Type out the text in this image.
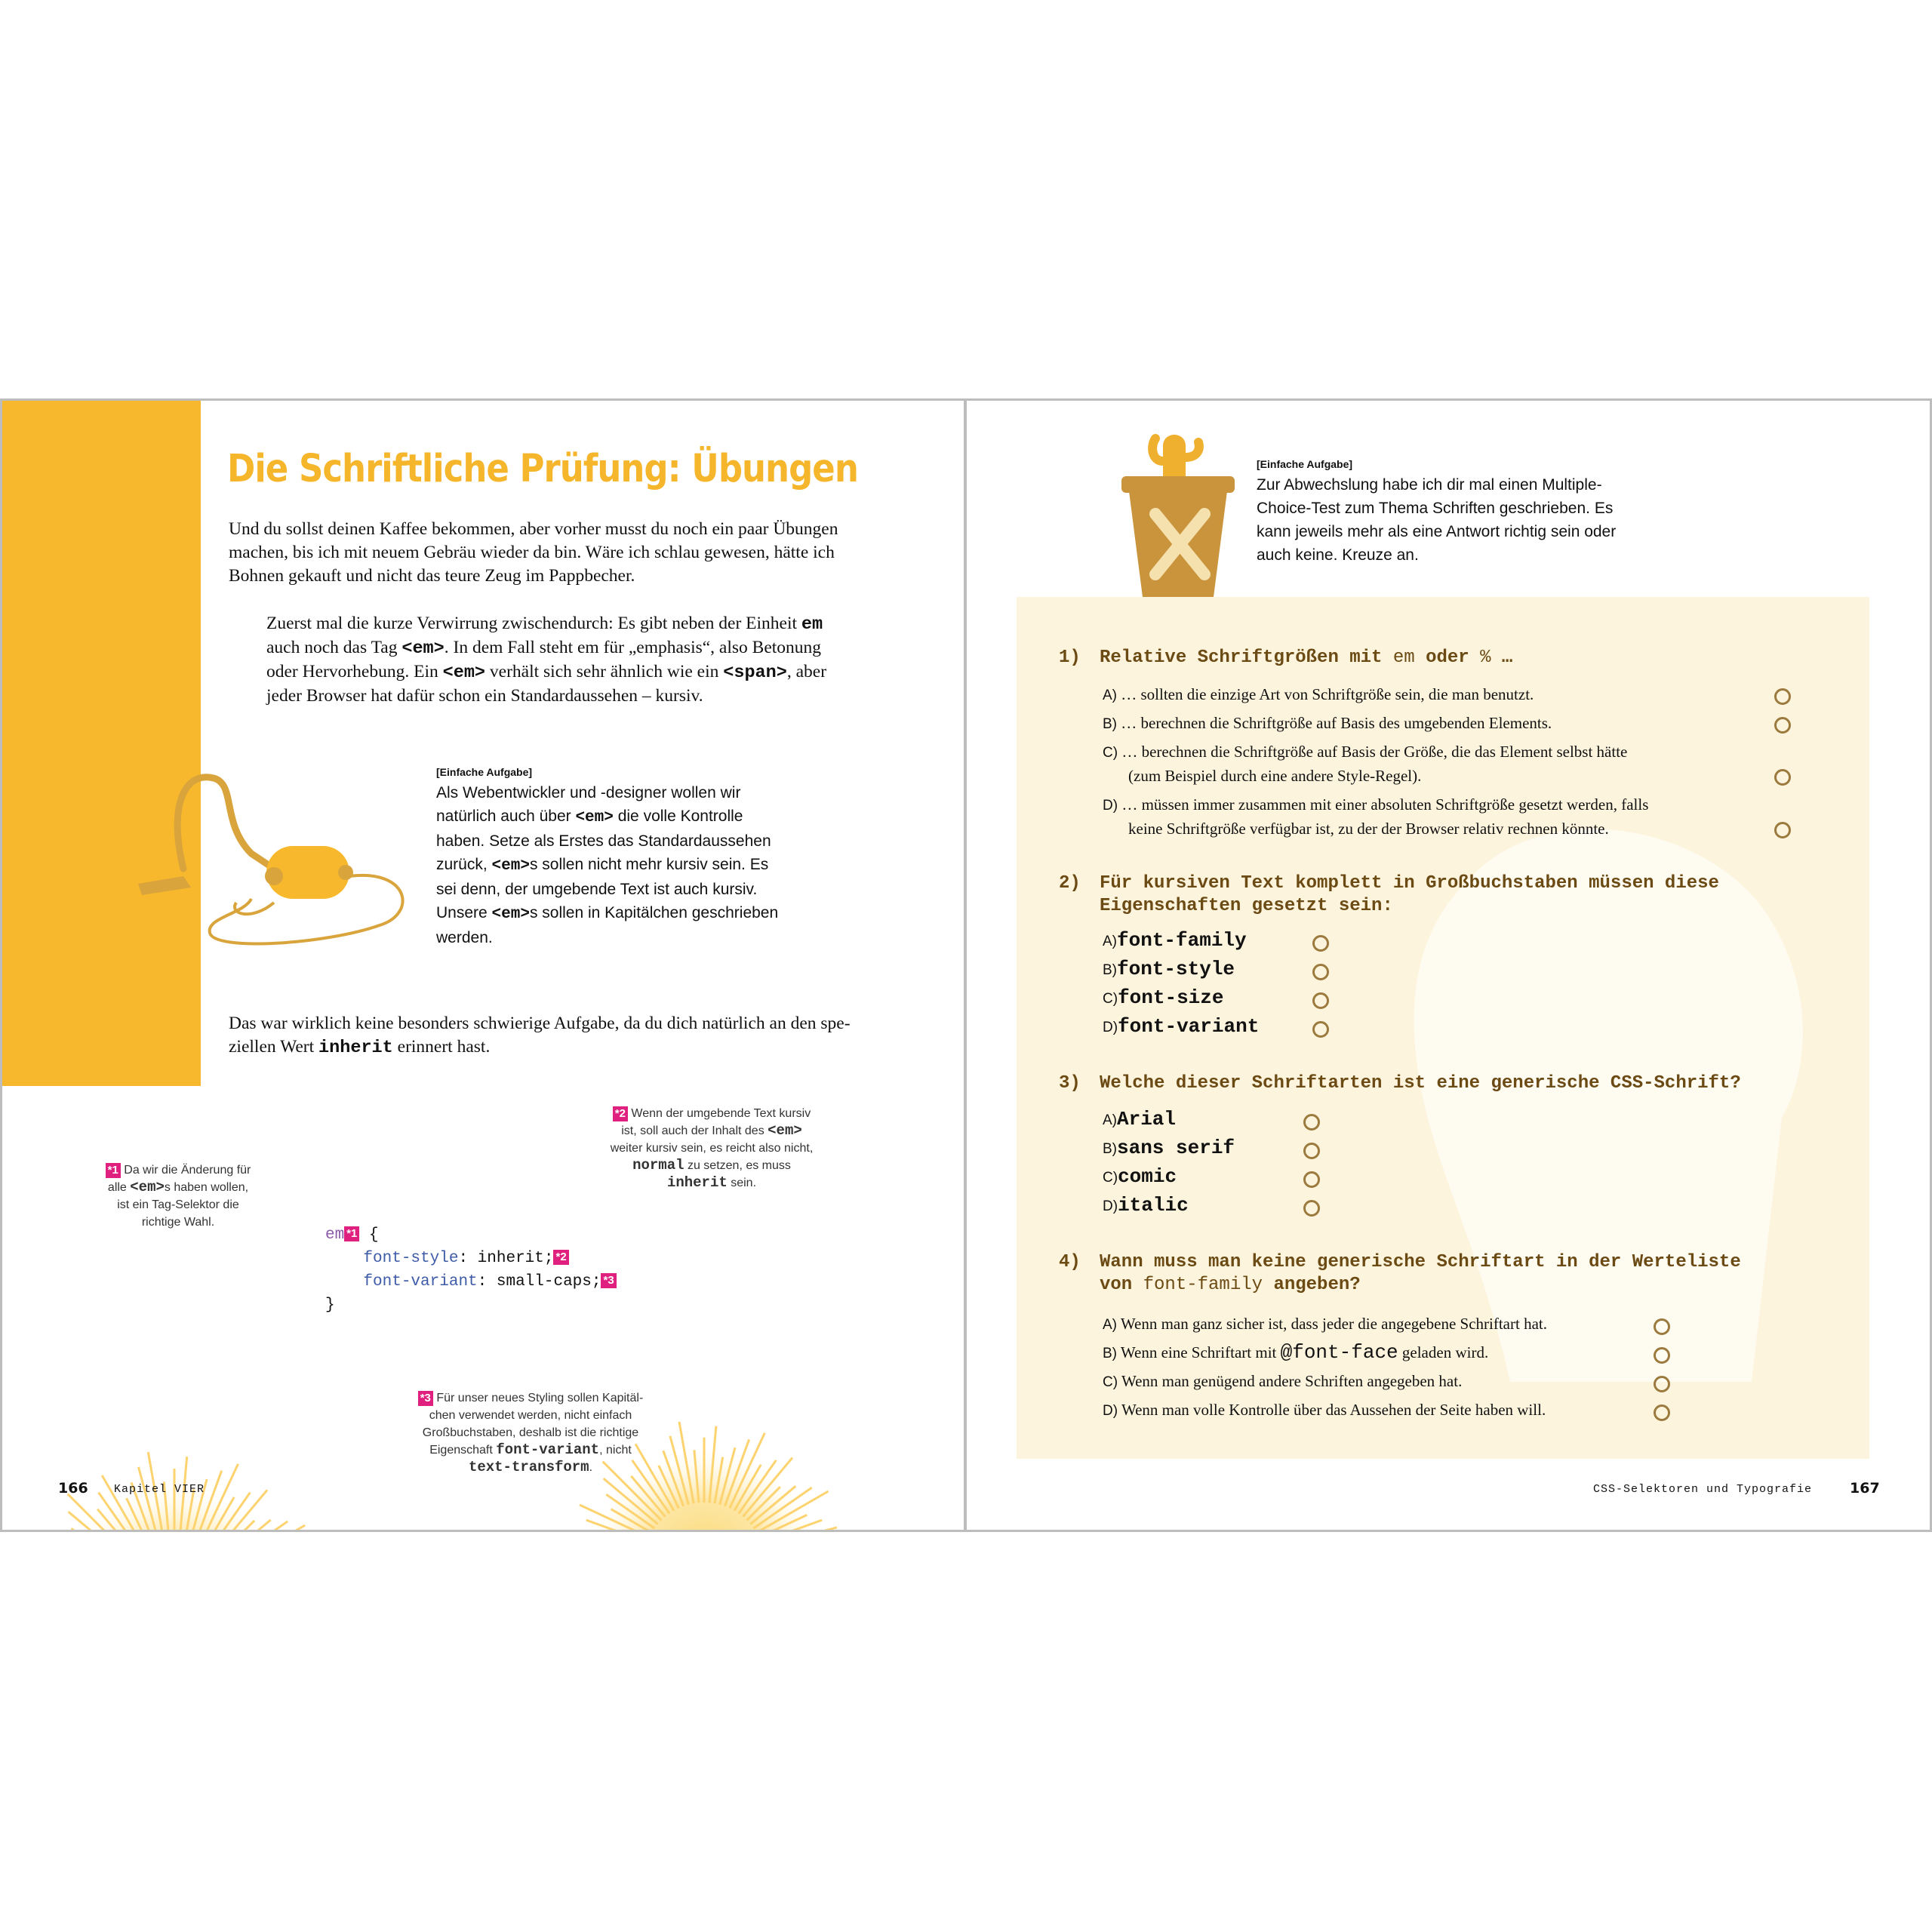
Die Schriftliche Prüfung: Übungen
Und du sollst deinen Kaffee bekommen, aber vorher musst du noch ein paar Übungen
machen, bis ich mit neuem Gebräu wieder da bin. Wäre ich schlau gewesen, hätte ich
Bohnen gekauft und nicht das teure Zeug im Pappbecher.
Zuerst mal die kurze Verwirrung zwischendurch: Es gibt neben der Einheit em
auch noch das Tag <em>. In dem Fall steht em für „emphasis“, also Betonung
oder Hervorhebung. Ein <em> verhält sich sehr ähnlich wie ein <span>, aber
jeder Browser hat dafür schon ein Standardaussehen – kursiv.
[Einfache Aufgabe]
Als Webentwickler und -designer wollen wir
natürlich auch über <em> die volle Kontrolle
haben. Setze als Erstes das Standardaussehen
zurück, <em>s sollen nicht mehr kursiv sein. Es
sei denn, der umgebende Text ist auch kursiv.
Unsere <em>s sollen in Kapitälchen geschrieben
werden.
Das war wirklich keine besonders schwierige Aufgabe, da du dich natürlich an den spe-
ziellen Wert inherit erinnert hast.
*1 Da wir die Änderung für
alle <em>s haben wollen,
ist ein Tag-Selektor die
richtige Wahl.
*2 Wenn der umgebende Text kursiv
ist, soll auch der Inhalt des <em>
weiter kursiv sein, es reicht also nicht,
normal zu setzen, es muss
inherit sein.
em *1 {
font-style: inherit; *2
font-variant: small-caps; *3
}
*3 Für unser neues Styling sollen Kapitäl-
chen verwendet werden, nicht einfach
Großbuchstaben, deshalb ist die richtige
Eigenschaft font-variant, nicht
text-transform.
166 Kapitel VIER
[Einfache Aufgabe]
Zur Abwechslung habe ich dir mal einen Multiple-
Choice-Test zum Thema Schriften geschrieben. Es
kann jeweils mehr als eine Antwort richtig sein oder
auch keine. Kreuze an.
1) Relative Schriftgrößen mit em oder % …
A) … sollten die einzige Art von Schriftgröße sein, die man benutzt.
B) … berechnen die Schriftgröße auf Basis des umgebenden Elements.
C) … berechnen die Schriftgröße auf Basis der Größe, die das Element selbst hätte
(zum Beispiel durch eine andere Style-Regel).
D) … müssen immer zusammen mit einer absoluten Schriftgröße gesetzt werden, falls
keine Schriftgröße verfügbar ist, zu der der Browser relativ rechnen könnte.
2) Für kursiven Text komplett in Großbuchstaben müssen diese
Eigenschaften gesetzt sein:
A)font-family
B)font-style
C)font-size
D)font-variant
3) Welche dieser Schriftarten ist eine generische CSS-Schrift?
A)Arial
B)sans serif
C)comic
D)italic
4) Wann muss man keine generische Schriftart in der Werteliste
von font-family angeben?
A) Wenn man ganz sicher ist, dass jeder die angegebene Schriftart hat.
B) Wenn eine Schriftart mit @font-face geladen wird.
C) Wenn man genügend andere Schriften angegeben hat.
D) Wenn man volle Kontrolle über das Aussehen der Seite haben will.
CSS-Selektoren und Typografie	167
